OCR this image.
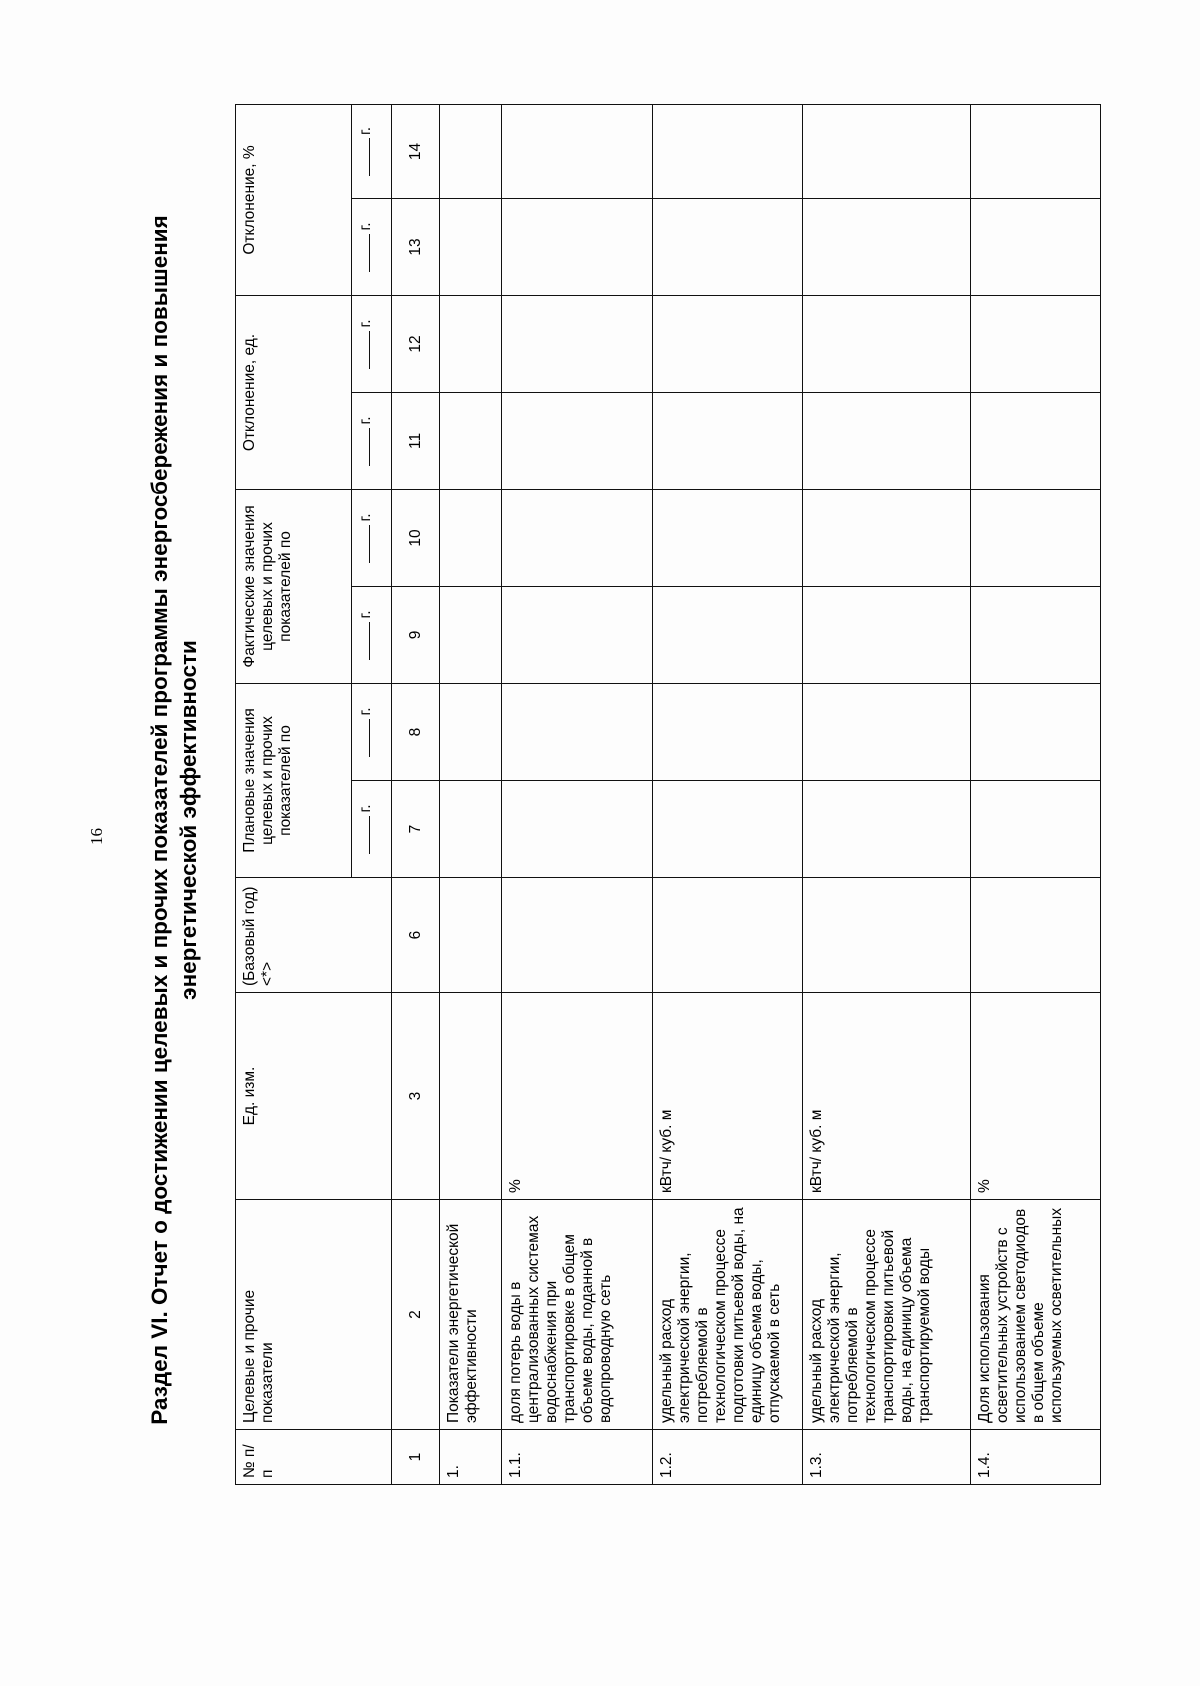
16 Раздел VI. Отчет о достижении целевых и прочих показателей программы энергосбережения и повышения энергетической эффективности
№ п/п	Целевые и прочие показатели	Ед. изм.	(Базовый год) <*>	Плановые значения целевых и прочих показателей по		Фактические значения целевых и прочих показателей по		Отклонение, ед.		Отклонение, %	
				г.	г.	г.	г.	г.	г.	г.	г.
1	2	3	6	7	8	9	10	11	12	13	14
1.	Показатели энергетической эффективности										
1.1.	доля потерь воды в централизованных системах водоснабжения при транспортировке в общем объеме воды, поданной в водопроводную сеть	%									
1.2.	удельный расход электрической энергии, потребляемой в технологическом процессе подготовки питьевой воды, на единицу объема воды, отпускаемой в сеть	кВтч/ куб. м									
1.3.	удельный расход электрической энергии, потребляемой в технологическом процессе транспортировки питьевой воды, на единицу объема транспортируемой воды	кВтч/ куб. м									
1.4.	Доля использования осветительных устройств с использованием светодиодов в общем объеме используемых осветительных	%									
